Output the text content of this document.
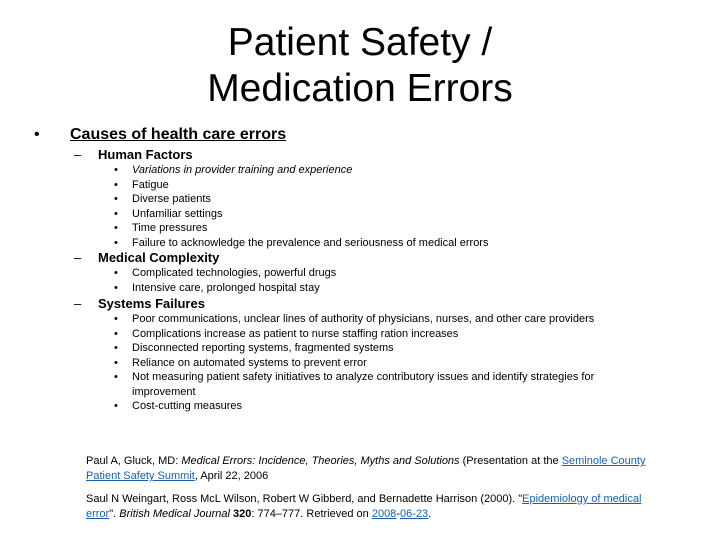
Patient Safety /
Medication Errors
• Causes of health care errors
– Human Factors
• Variations in provider training and experience
• Fatigue
• Diverse patients
• Unfamiliar settings
• Time pressures
• Failure to acknowledge the prevalence and seriousness of medical errors
– Medical Complexity
• Complicated technologies, powerful drugs
• Intensive care, prolonged hospital stay
– Systems Failures
• Poor communications, unclear lines of authority of physicians, nurses, and other care providers
• Complications increase as patient to nurse staffing ration increases
• Disconnected reporting systems, fragmented systems
• Reliance on automated systems to prevent error
• Not measuring patient safety initiatives to analyze contributory issues and identify strategies for improvement
• Cost-cutting measures

Paul A, Gluck, MD: Medical Errors: Incidence, Theories, Myths and Solutions (Presentation at the Seminole County Patient Safety Summit, April 22, 2006

Saul N Weingart, Ross McL Wilson, Robert W Gibberd, and Bernadette Harrison (2000). "Epidemiology of medical error". British Medical Journal 320: 774–777. Retrieved on 2008-06-23.
